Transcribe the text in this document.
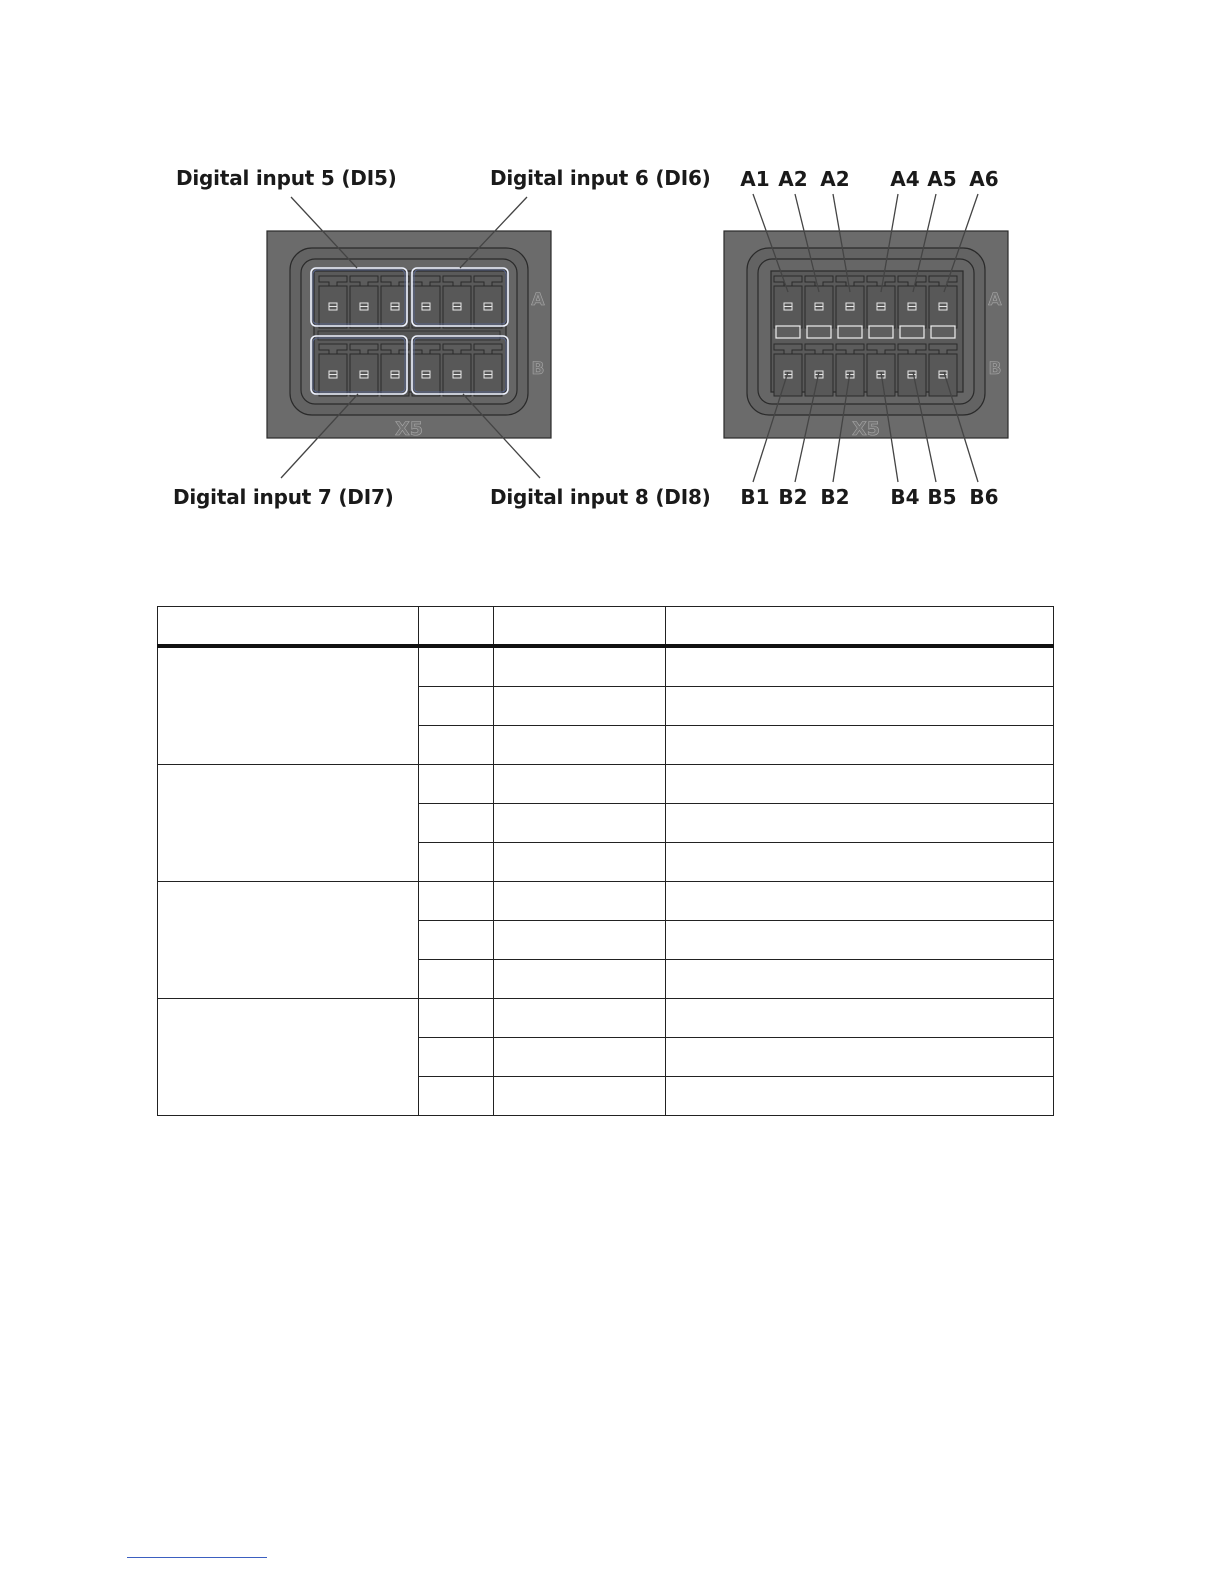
Digital input 5 (DI5)	Digital input 6 (DI6)
Digital input 7 (DI7)	Digital input 8 (DI8)
A1 A2 A2 A4 A5 A6
B1 B2 B2 B4 B5 B6
A
B
A
B
X5	X5
